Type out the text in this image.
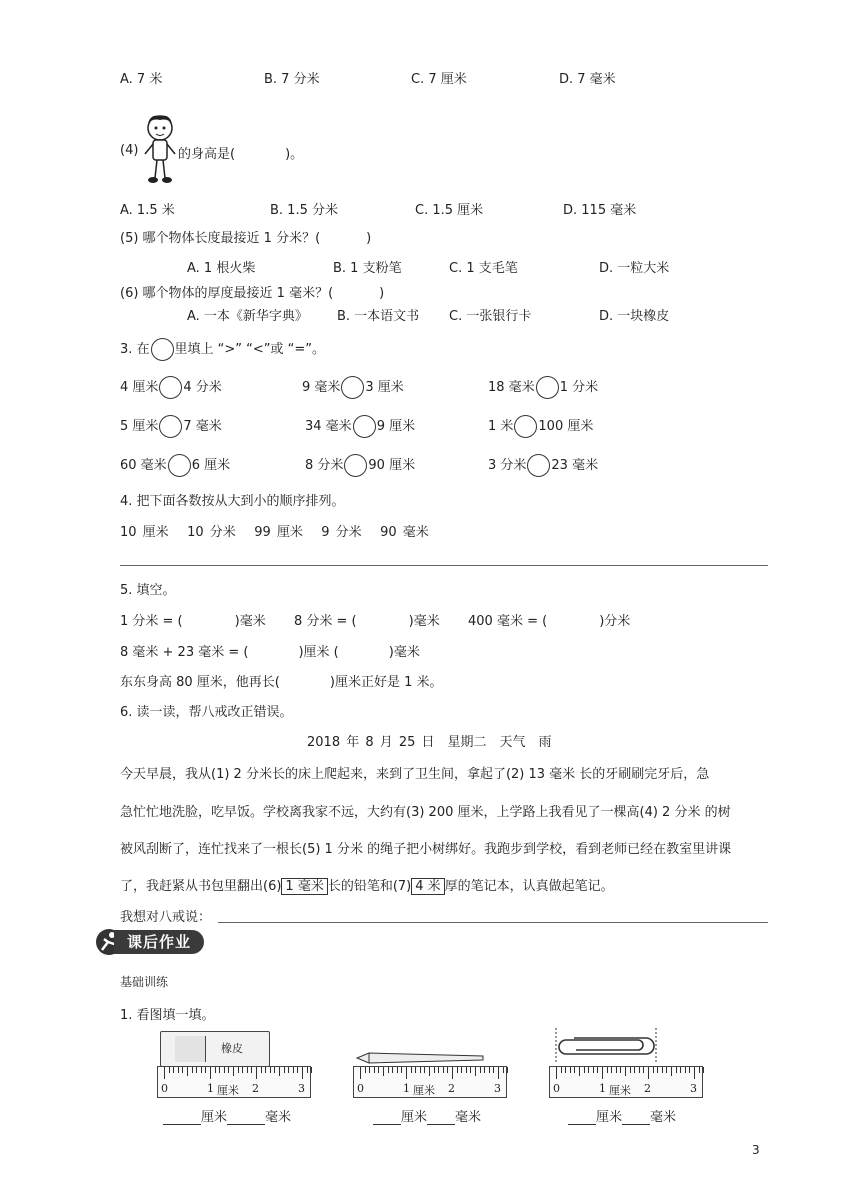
A. 7 米	B. 7 分米	C. 7 厘米	D. 7 毫米
(4)	的身高是(	)。
A. 1.5 米	B. 1.5 分米	C. 1.5 厘米	D. 115 毫米
(5) 哪个物体长度最接近 1 分米？(	)
A. 1 根火柴	B. 1 支粉笔	C. 1 支毛笔	D. 一粒大米
(6) 哪个物体的厚度最接近 1 毫米？(	)
A. 一本《新华字典》 B. 一本语文书 C. 一张银行卡	D. 一块橡皮
3. 在 里填上 “>” “<”或 “=”。
4 厘米 4 分米	9 毫米 3 厘米	18 毫米 1 分米
5 厘米 7 毫米	34 毫米 9 厘米	1 米 100 厘米
60 毫米 6 厘米	8 分米 90 厘米	3 分米 23 毫米
4. 把下面各数按从大到小的顺序排列。
10 厘米 10 分米 99 厘米 9 分米 90 毫米
5. 填空。
1 分米 = (	)毫米 8 分米 = (	)毫米 400 毫米 = (	)分米
8 毫米 + 23 毫米 = (	)厘米 (	)毫米
东东身高 80 厘米，他再长(	)厘米正好是 1 米。
6. 读一读，帮八戒改正错误。
2018 年 8 月 25 日　星期二　天气　雨
今天早晨，我从(1) 2 分米长的床上爬起来，来到了卫生间，拿起了(2) 13 毫米 长的牙刷刷完牙后，急
急忙忙地洗脸，吃早饭。学校离我家不远，大约有(3) 200 厘米，上学路上我看见了一棵高(4) 2 分米 的树
被风刮断了，连忙找来了一根长(5) 1 分米 的绳子把小树绑好。我跑步到学校，看到老师已经在教室里讲课
了，我赶紧从书包里翻出(6) 1 毫米 长的铅笔和(7) 4 米 厚的笔记本，认真做起笔记。
我想对八戒说：
课后作业
基础训练
1. 看图填一填。
橡皮
0	1 厘米 2	3	0	1 厘米 2	3	0	1 厘米 2	3
厘米	毫米	厘米 毫米	厘米 毫米
3
